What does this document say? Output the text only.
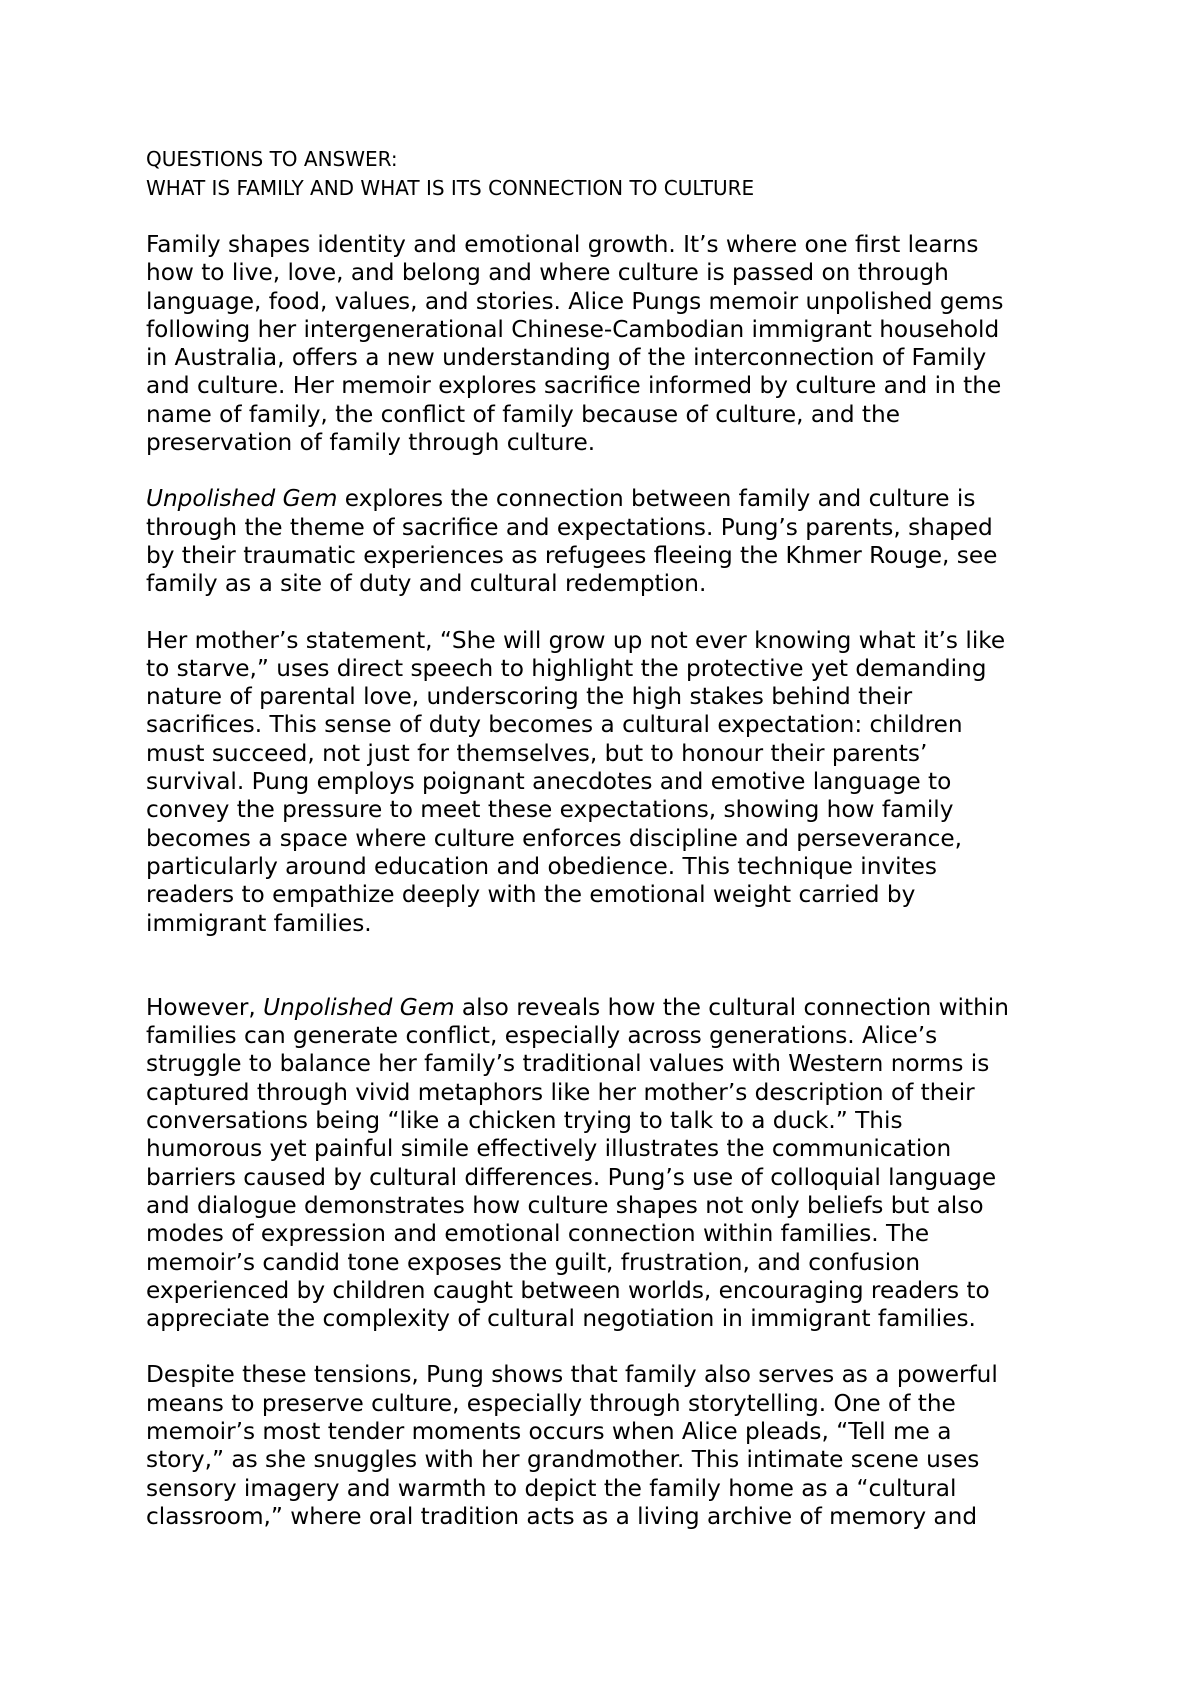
QUESTIONS TO ANSWER:

WHAT IS FAMILY AND WHAT IS ITS CONNECTION TO CULTURE

Family shapes identity and emotional growth. It’s where one first learns
how to live, love, and belong and where culture is passed on through
language, food, values, and stories. Alice Pungs memoir unpolished gems
following her intergenerational Chinese-Cambodian immigrant household
in Australia, offers a new understanding of the interconnection of Family
and culture. Her memoir explores sacrifice informed by culture and in the
name of family, the conflict of family because of culture, and the
preservation of family through culture.

Unpolished Gem explores the connection between family and culture is
through the theme of sacrifice and expectations. Pung’s parents, shaped
by their traumatic experiences as refugees fleeing the Khmer Rouge, see
family as a site of duty and cultural redemption.

Her mother’s statement, “She will grow up not ever knowing what it’s like
to starve,” uses direct speech to highlight the protective yet demanding
nature of parental love, underscoring the high stakes behind their
sacrifices. This sense of duty becomes a cultural expectation: children
must succeed, not just for themselves, but to honour their parents’
survival. Pung employs poignant anecdotes and emotive language to
convey the pressure to meet these expectations, showing how family
becomes a space where culture enforces discipline and perseverance,
particularly around education and obedience. This technique invites
readers to empathize deeply with the emotional weight carried by
immigrant families.

However, Unpolished Gem also reveals how the cultural connection within
families can generate conflict, especially across generations. Alice’s
struggle to balance her family’s traditional values with Western norms is
captured through vivid metaphors like her mother’s description of their
conversations being “like a chicken trying to talk to a duck.” This
humorous yet painful simile effectively illustrates the communication
barriers caused by cultural differences. Pung’s use of colloquial language
and dialogue demonstrates how culture shapes not only beliefs but also
modes of expression and emotional connection within families. The
memoir’s candid tone exposes the guilt, frustration, and confusion
experienced by children caught between worlds, encouraging readers to
appreciate the complexity of cultural negotiation in immigrant families.

Despite these tensions, Pung shows that family also serves as a powerful
means to preserve culture, especially through storytelling. One of the
memoir’s most tender moments occurs when Alice pleads, “Tell me a
story,” as she snuggles with her grandmother. This intimate scene uses
sensory imagery and warmth to depict the family home as a “cultural
classroom,” where oral tradition acts as a living archive of memory and
